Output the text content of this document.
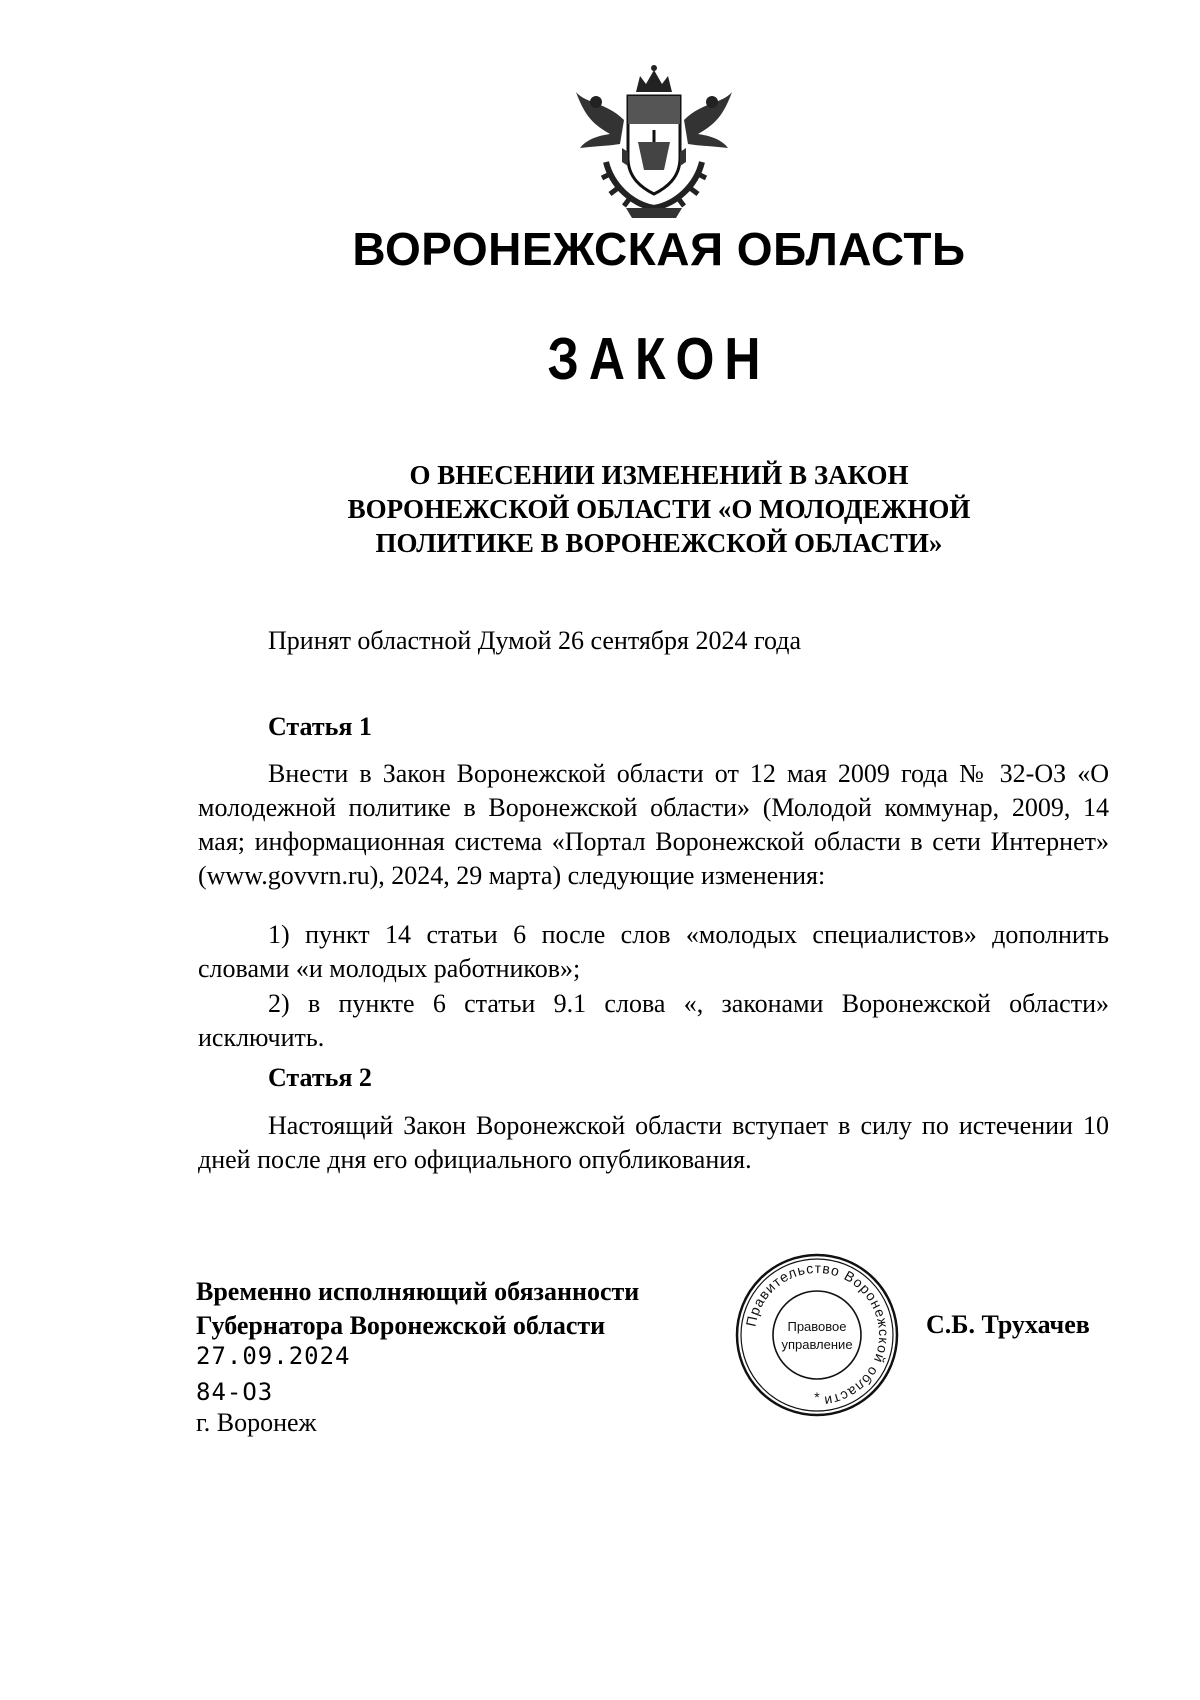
ВОРОНЕЖСКАЯ ОБЛАСТЬ
ЗАКОН
О ВНЕСЕНИИ ИЗМЕНЕНИЙ В ЗАКОН
ВОРОНЕЖСКОЙ ОБЛАСТИ «О МОЛОДЕЖНОЙ
ПОЛИТИКЕ В ВОРОНЕЖСКОЙ ОБЛАСТИ»
Принят областной Думой 26 сентября 2024 года
Статья 1
Внести в Закон Воронежской области от 12 мая 2009 года № 32-ОЗ «О молодежной политике в Воронежской области» (Молодой коммунар, 2009, 14 мая; информационная система «Портал Воронежской области в сети Интернет» (www.govvrn.ru), 2024, 29 марта) следующие изменения:
1) пункт 14 статьи 6 после слов «молодых специалистов» дополнить словами «и молодых работников»;
2) в пункте 6 статьи 9.1 слова «, законами Воронежской области» исключить.
Статья 2
Настоящий Закон Воронежской области вступает в силу по истечении 10 дней после дня его официального опубликования.
Временно исполняющий обязанности
Губернатора Воронежской области
27.09.2024
84-ОЗ
г. Воронеж
Правительство Воронежской области
Правовое
управление
*
С.Б. Трухачев
